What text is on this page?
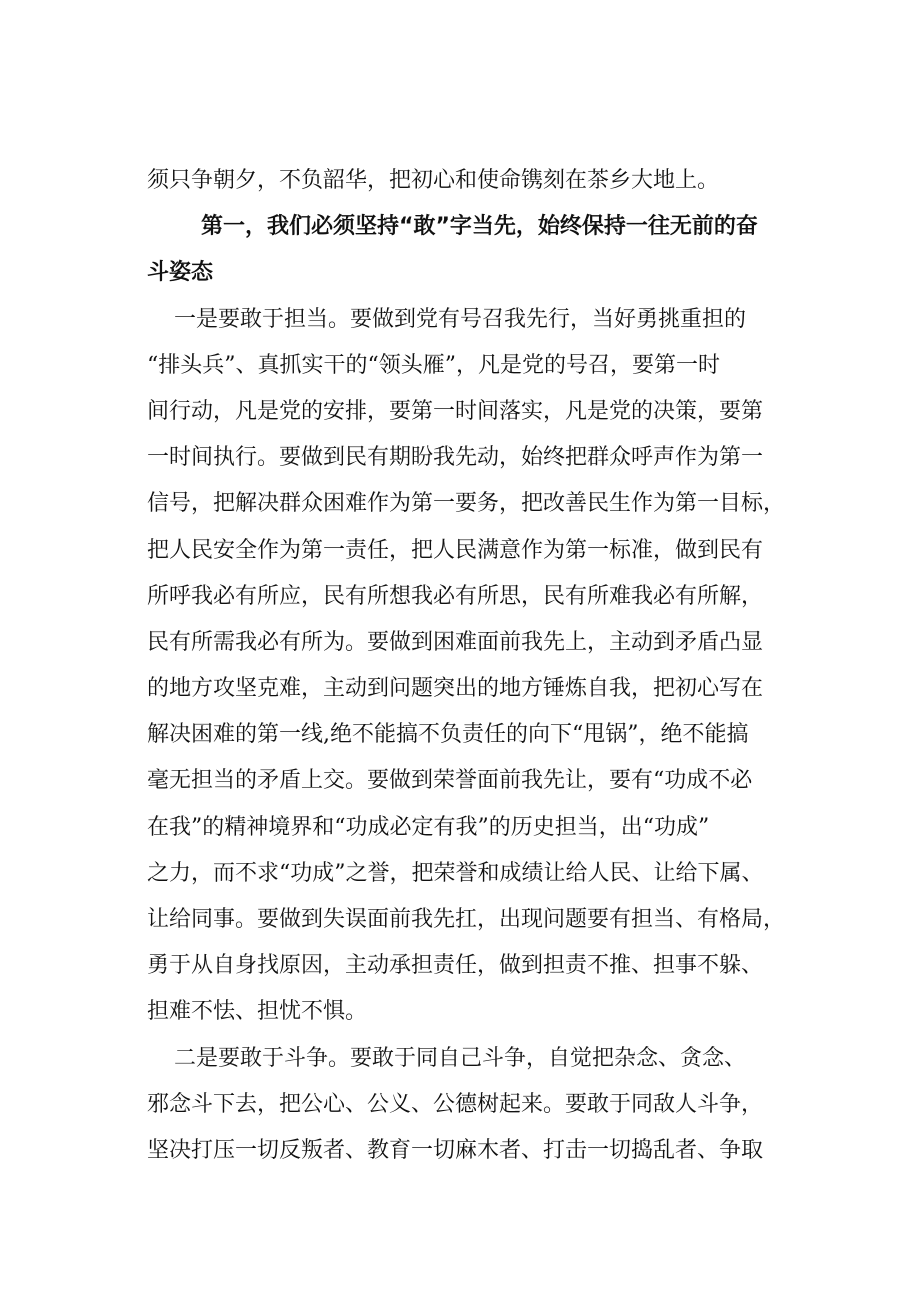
须只争朝夕，不负韶华，把初心和使命镌刻在茶乡大地上。
第一，我们必须坚持“敢”字当先，始终保持一往无前的奋
斗姿态
一是要敢于担当。要做到党有号召我先行，当好勇挑重担的
“排头兵”、真抓实干的“领头雁”，凡是党的号召，要第一时
间行动，凡是党的安排，要第一时间落实，凡是党的决策，要第
一时间执行。要做到民有期盼我先动，始终把群众呼声作为第一
信号，把解决群众困难作为第一要务，把改善民生作为第一目标，
把人民安全作为第一责任，把人民满意作为第一标准，做到民有
所呼我必有所应，民有所想我必有所思，民有所难我必有所解，
民有所需我必有所为。要做到困难面前我先上，主动到矛盾凸显
的地方攻坚克难，主动到问题突出的地方锤炼自我，把初心写在
解决困难的第一线,绝不能搞不负责任的向下“甩锅”，绝不能搞
毫无担当的矛盾上交。要做到荣誉面前我先让，要有“功成不必
在我”的精神境界和“功成必定有我”的历史担当，出“功成”
之力，而不求“功成”之誉，把荣誉和成绩让给人民、让给下属、
让给同事。要做到失误面前我先扛，出现问题要有担当、有格局，
勇于从自身找原因，主动承担责任，做到担责不推、担事不躲、
担难不怯、担忧不惧。
二是要敢于斗争。要敢于同自己斗争，自觉把杂念、贪念、
邪念斗下去，把公心、公义、公德树起来。要敢于同敌人斗争，
坚决打压一切反叛者、教育一切麻木者、打击一切捣乱者、争取
